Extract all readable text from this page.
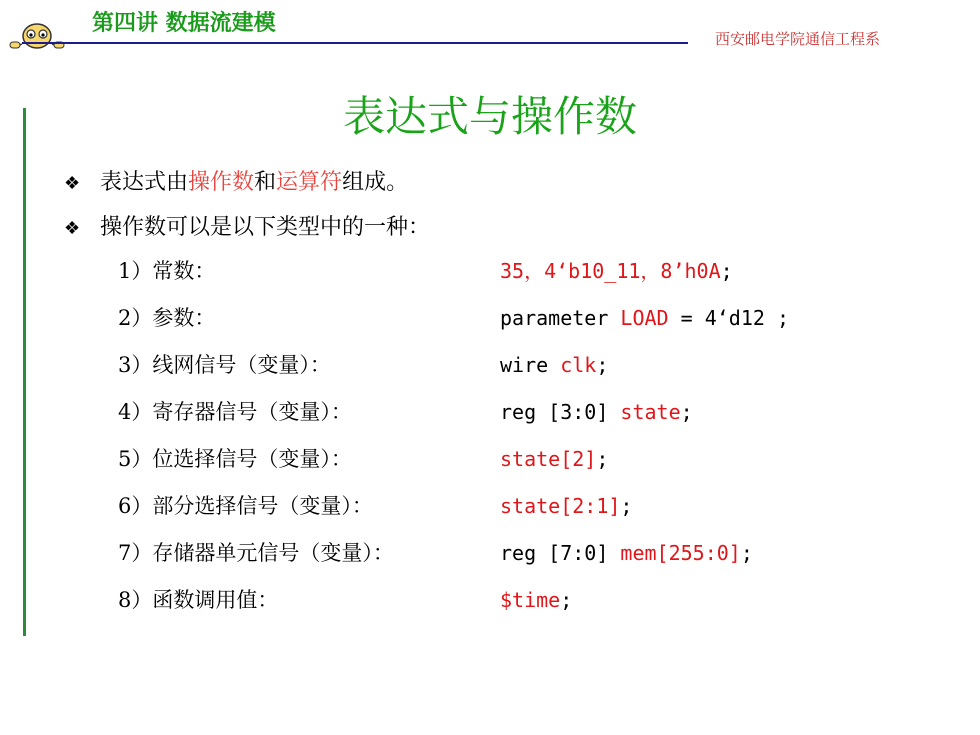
第四讲 数据流建模
西安邮电学院通信工程系
表达式与操作数
❖ 表达式由操作数和运算符组成。
❖ 操作数可以是以下类型中的一种：
1）常数：	35，4‘b10_11，8’h0A;
2）参数：	parameter LOAD = 4‘d12 ;
3）线网信号（变量）：	wire clk;
4）寄存器信号（变量）：	reg [3:0] state;
5）位选择信号（变量）：	state[2];
6）部分选择信号（变量）：	state[2:1];
7）存储器单元信号（变量）：	reg [7:0] mem[255:0];
8）函数调用值：	$time;
